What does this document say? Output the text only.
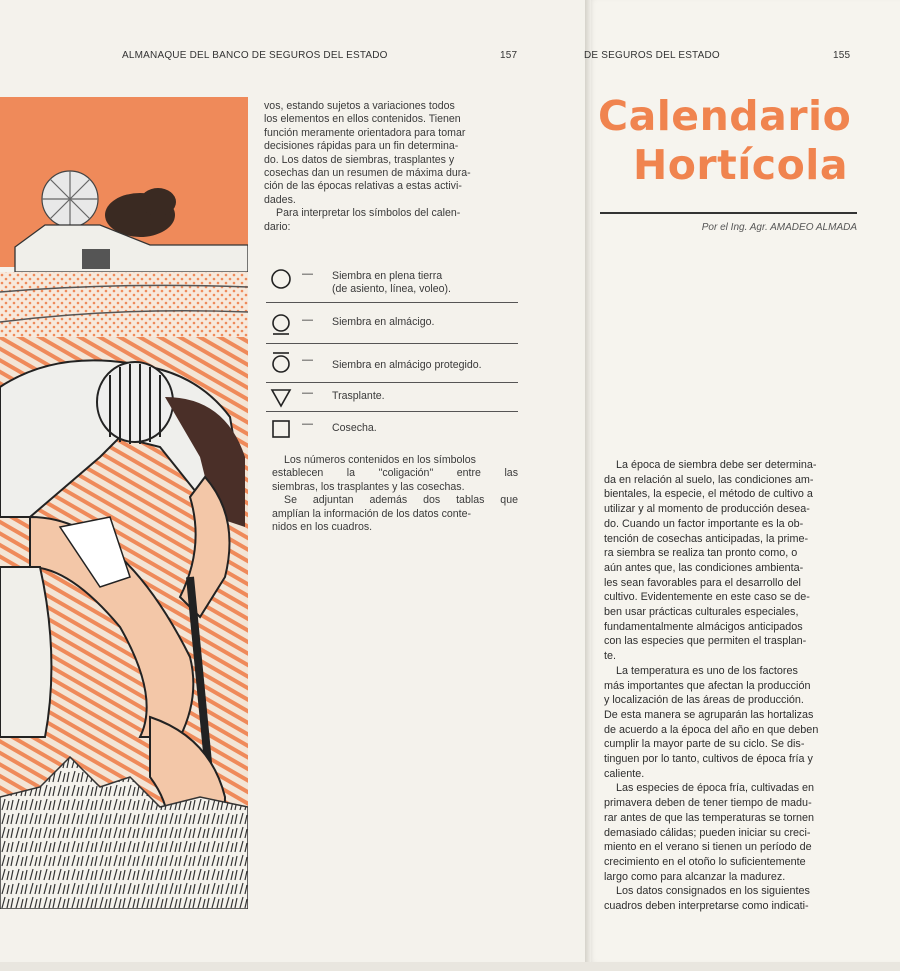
ALMANAQUE DEL BANCO DE SEGUROS DEL ESTADO	157

vos, estando sujetos a variaciones todos

los elementos en ellos contenidos. Tienen

función meramente orientadora para tomar

decisiones rápidas para un fin determina-

do. Los datos de siembras, trasplantes y

cosechas dan un resumen de máxima dura-

ción de las épocas relativas a estas activi-

dades.

Para interpretar los símbolos del calen-

dario:

— Siembra en plena tierra
(de asiento, línea, voleo).
— Siembra en almácigo.
— Siembra en almácigo protegido.
— Trasplante.
— Cosecha.

Los números contenidos en los símbolos

establecen la "coligación" entre las

siembras, los trasplantes y las cosechas.

Se adjuntan además dos tablas que

amplían la información de los datos conte-

nidos en los cuadros.

DE SEGUROS DEL ESTADO	155
Calendario
Hortícola
Por el Ing. Agr. AMADEO ALMADA

La época de siembra debe ser determina-

da en relación al suelo, las condiciones am-

bientales, la especie, el método de cultivo a

utilizar y al momento de producción desea-

do. Cuando un factor importante es la ob-

tención de cosechas anticipadas, la prime-

ra siembra se realiza tan pronto como, o

aún antes que, las condiciones ambienta-

les sean favorables para el desarrollo del

cultivo. Evidentemente en este caso se de-

ben usar prácticas culturales especiales,

fundamentalmente almácigos anticipados

con las especies que permiten el trasplan-

te.

La temperatura es uno de los factores

más importantes que afectan la producción

y localización de las áreas de producción.

De esta manera se agruparán las hortalizas

de acuerdo a la época del año en que deben

cumplir la mayor parte de su ciclo. Se dis-

tinguen por lo tanto, cultivos de época fría y

caliente.

Las especies de época fría, cultivadas en

primavera deben de tener tiempo de madu-

rar antes de que las temperaturas se tornen

demasiado cálidas; pueden iniciar su creci-

miento en el verano si tienen un período de

crecimiento en el otoño lo suficientemente

largo como para alcanzar la madurez.

Los datos consignados en los siguientes

cuadros deben interpretarse como indicati-
